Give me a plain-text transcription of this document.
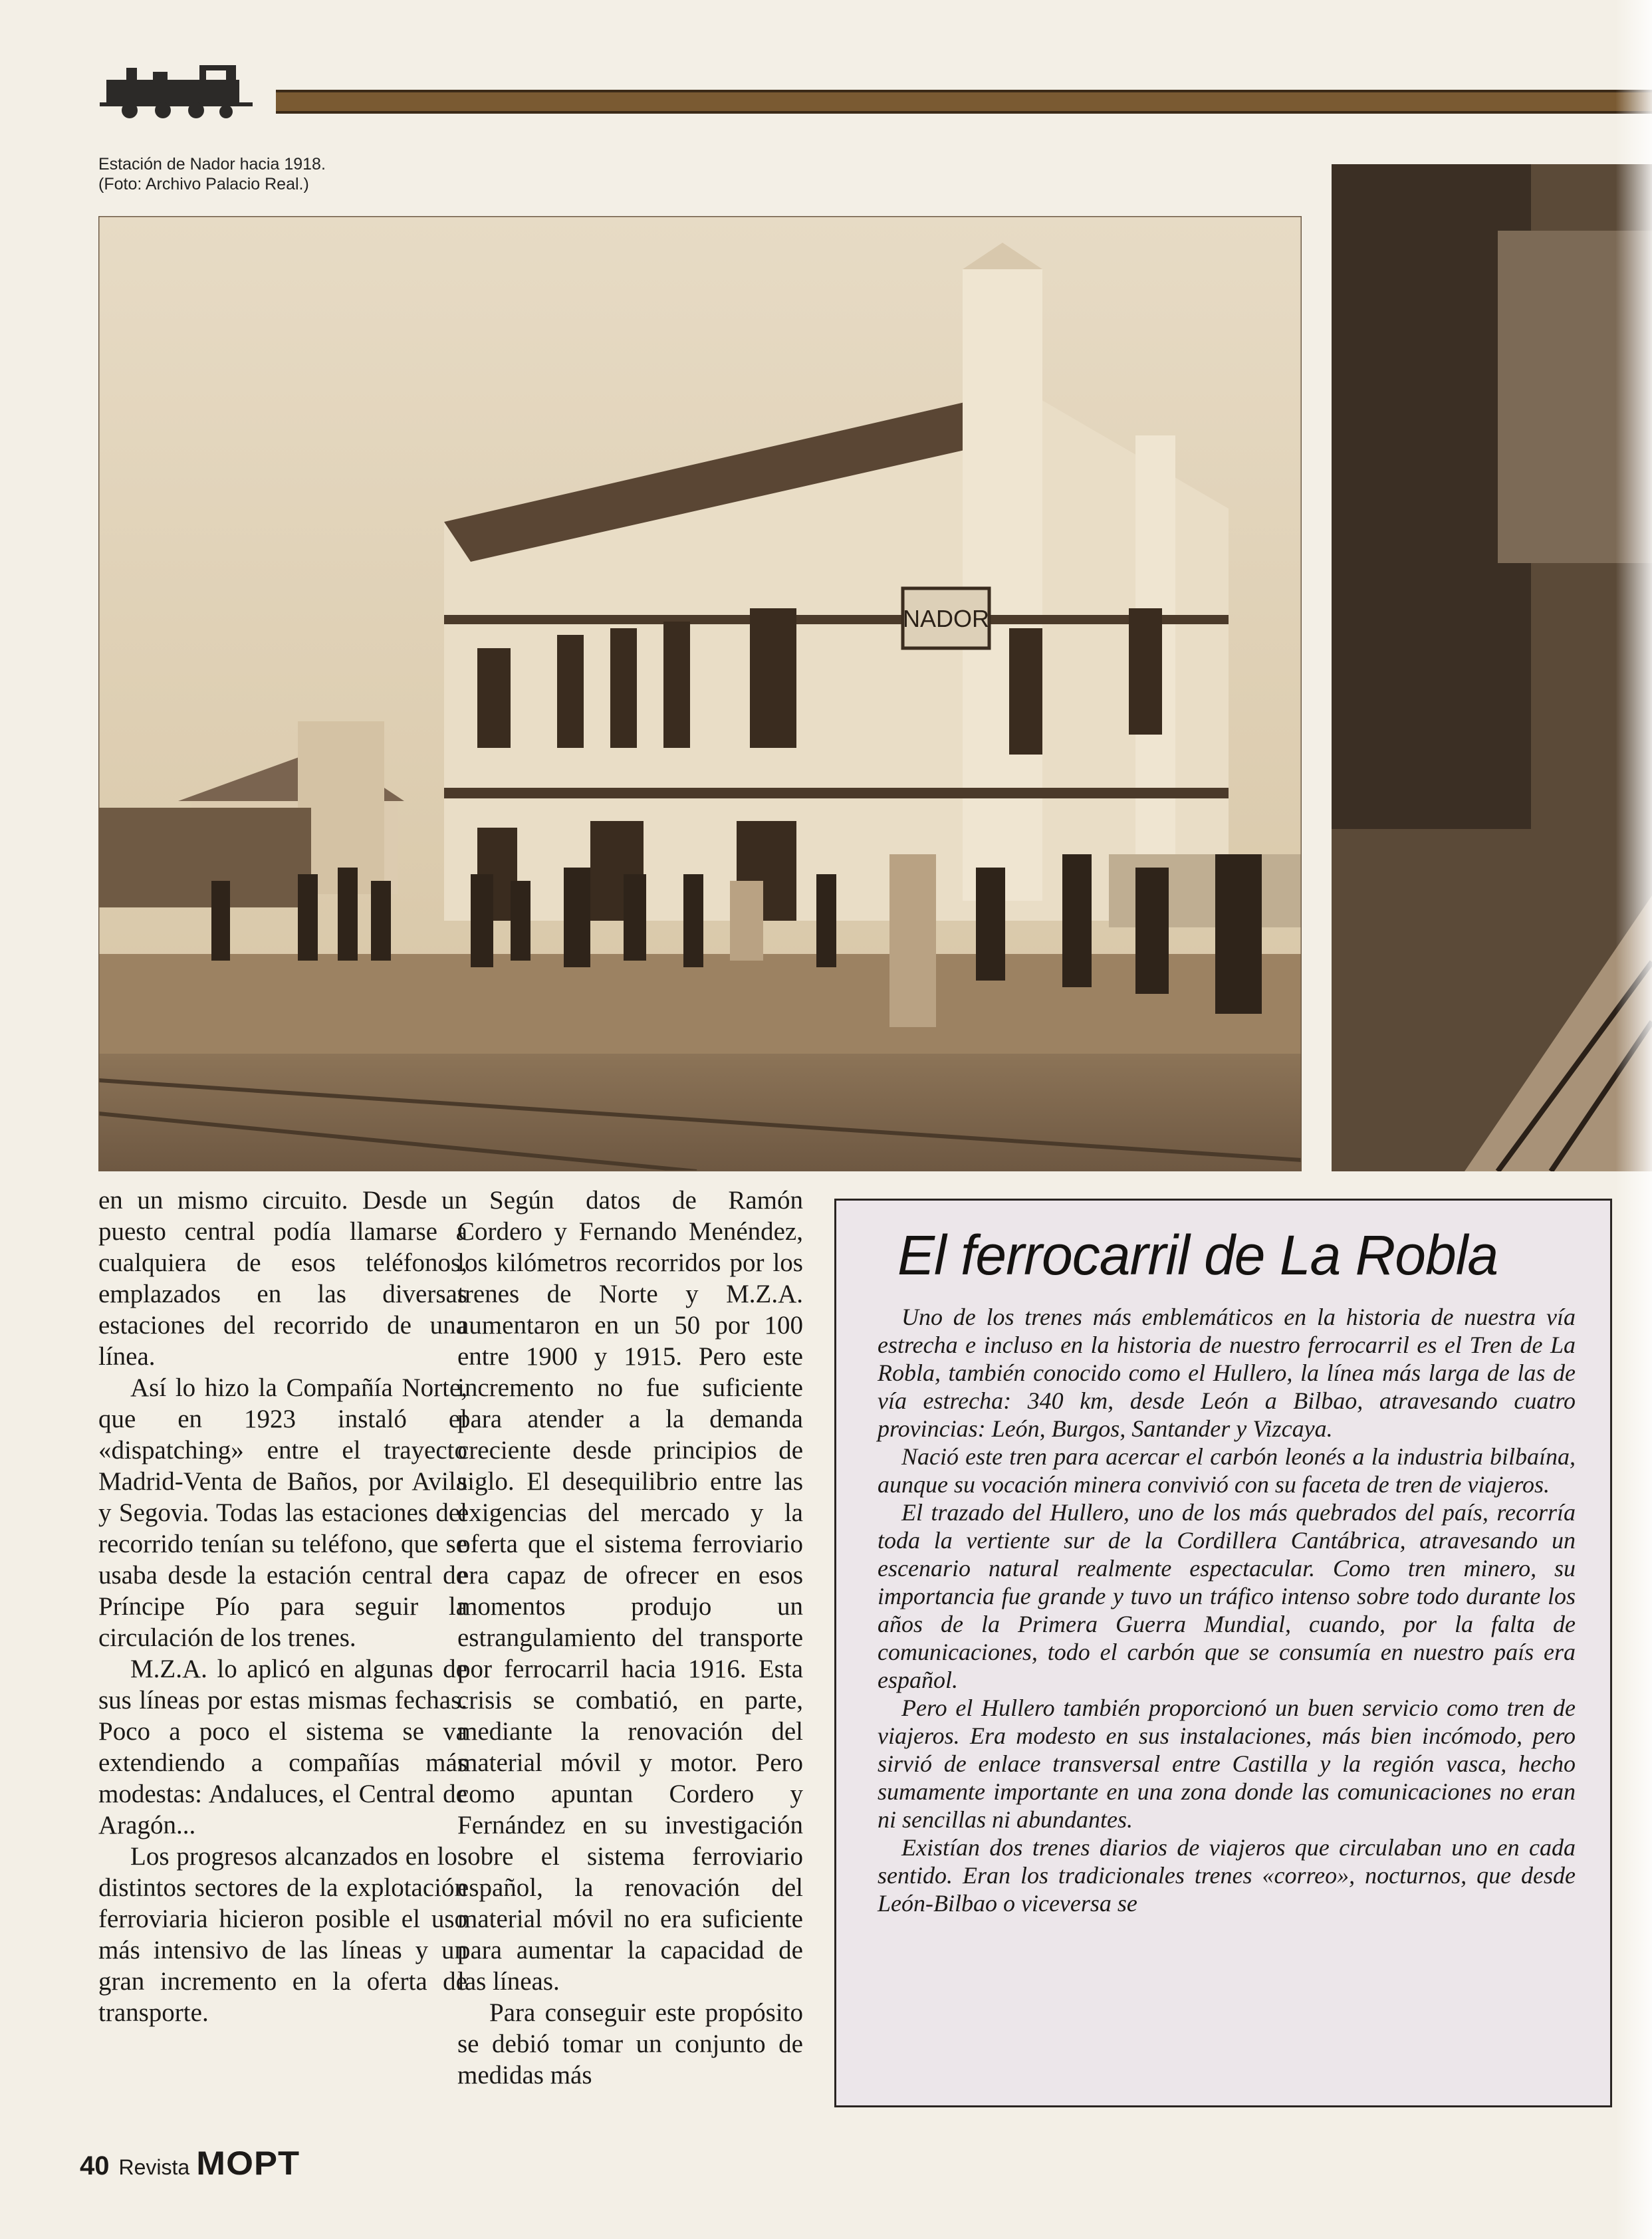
Estación de Nador hacia 1918.
(Foto: Archivo Palacio Real.)
NADOR

en un mismo circuito. Desde un puesto central podía llamarse a cualquiera de esos teléfonos, emplazados en las diversas estaciones del recorrido de una línea.

Así lo hizo la Compañía Norte, que en 1923 instaló el «dispatching» entre el trayecto Madrid-Venta de Baños, por Avila y Segovia. Todas las estaciones del recorrido tenían su teléfono, que se usaba desde la estación central de Príncipe Pío para seguir la circulación de los trenes.

M.Z.A. lo aplicó en algunas de sus líneas por estas mismas fechas. Poco a poco el sistema se va extendiendo a compañías más modestas: Andaluces, el Central de Aragón...

Los progresos alcanzados en los distintos sectores de la explotación ferroviaria hicieron posible el uso más intensivo de las líneas y un gran incremento en la oferta de transporte.

Según datos de Ramón Cordero y Fernando Menéndez, los kilómetros recorridos por los trenes de Norte y M.Z.A. aumentaron en un 50 por 100 entre 1900 y 1915. Pero este incremento no fue suficiente para atender a la demanda creciente desde principios de siglo. El desequilibrio entre las exigencias del mercado y la oferta que el sistema ferroviario era capaz de ofrecer en esos momentos produjo un estrangulamiento del transporte por ferrocarril hacia 1916. Esta crisis se combatió, en parte, mediante la renovación del material móvil y motor. Pero como apuntan Cordero y Fernández en su investigación sobre el sistema ferroviario español, la renovación del material móvil no era suficiente para aumentar la capacidad de las líneas.

Para conseguir este propósito se debió tomar un conjunto de medidas más

El ferrocarril de La Robla

Uno de los trenes más emblemáticos en la historia de nuestra vía estrecha e incluso en la historia de nuestro ferrocarril es el Tren de La Robla, también conocido como el Hullero, la línea más larga de las de vía estrecha: 340 km, desde León a Bilbao, atravesando cuatro provincias: León, Burgos, Santander y Vizcaya.

Nació este tren para acercar el carbón leonés a la industria bilbaína, aunque su vocación minera convivió con su faceta de tren de viajeros.

El trazado del Hullero, uno de los más quebrados del país, recorría toda la vertiente sur de la Cordillera Cantábrica, atravesando un escenario natural realmente espectacular. Como tren minero, su importancia fue grande y tuvo un tráfico intenso sobre todo durante los años de la Primera Guerra Mundial, cuando, por la falta de comunicaciones, todo el carbón que se consumía en nuestro país era español.

Pero el Hullero también proporcionó un buen servicio como tren de viajeros. Era modesto en sus instalaciones, más bien incómodo, pero sirvió de enlace transversal entre Castilla y la región vasca, hecho sumamente importante en una zona donde las comunicaciones no eran ni sencillas ni abundantes.

Existían dos trenes diarios de viajeros que circulaban uno en cada sentido. Eran los tradicionales trenes «correo», nocturnos, que desde León-Bilbao o viceversa se

40 Revista MOPT
